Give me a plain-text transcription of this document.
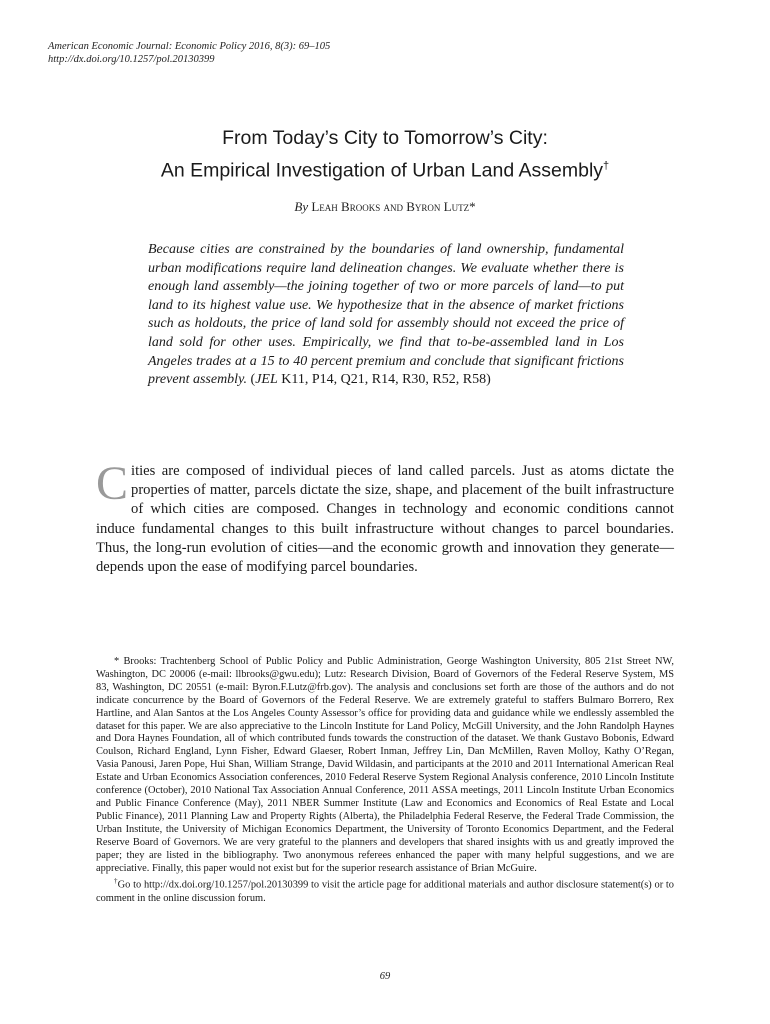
American Economic Journal: Economic Policy 2016, 8(3): 69–105
http://dx.doi.org/10.1257/pol.20130399
From Today’s City to Tomorrow’s City:
An Empirical Investigation of Urban Land Assembly†
By Leah Brooks and Byron Lutz*
Because cities are constrained by the boundaries of land ownership, fundamental urban modifications require land delineation changes. We evaluate whether there is enough land assembly—the joining together of two or more parcels of land—to put land to its highest value use. We hypothesize that in the absence of market frictions such as holdouts, the price of land sold for assembly should not exceed the price of land sold for other uses. Empirically, we find that to-be-assembled land in Los Angeles trades at a 15 to 40 percent premium and conclude that significant frictions prevent assembly. (JEL K11, P14, Q21, R14, R30, R52, R58)
C ities are composed of individual pieces of land called parcels. Just as atoms dictate the properties of matter, parcels dictate the size, shape, and placement of the built infrastructure of which cities are composed. Changes in technology and economic conditions cannot induce fundamental changes to this built infrastructure without changes to parcel boundaries. Thus, the long-run evolution of cities—and the economic growth and innovation they generate—depends upon the ease of modifying parcel boundaries.

* Brooks: Trachtenberg School of Public Policy and Public Administration, George Washington University, 805 21st Street NW, Washington, DC 20006 (e-mail: llbrooks@gwu.edu); Lutz: Research Division, Board of Governors of the Federal Reserve System, MS 83, Washington, DC 20551 (e-mail: Byron.F.Lutz@frb.gov). The analysis and conclusions set forth are those of the authors and do not indicate concurrence by the Board of Governors of the Federal Reserve. We are extremely grateful to staffers Bulmaro Borrero, Rex Hartline, and Alan Santos at the Los Angeles County Assessor’s office for providing data and guidance while we endlessly assembled the dataset for this paper. We are also appreciative to the Lincoln Institute for Land Policy, McGill University, and the John Randolph Haynes and Dora Haynes Foundation, all of which contributed funds towards the construction of the dataset. We thank Gustavo Bobonis, Edward Coulson, Richard England, Lynn Fisher, Edward Glaeser, Robert Inman, Jeffrey Lin, Dan McMillen, Raven Molloy, Kathy O’Regan, Vasia Panousi, Jaren Pope, Hui Shan, William Strange, David Wildasin, and participants at the 2010 and 2011 International American Real Estate and Urban Economics Association conferences, 2010 Federal Reserve System Regional Analysis conference, 2010 Lincoln Institute conference (October), 2010 National Tax Association Annual Conference, 2011 ASSA meetings, 2011 Lincoln Institute Urban Economics and Public Finance Conference (May), 2011 NBER Summer Institute (Law and Economics and Economics of Real Estate and Local Public Finance), 2011 Planning Law and Property Rights (Alberta), the Philadelphia Federal Reserve, the Federal Trade Commission, the Urban Institute, the University of Michigan Economics Department, the University of Toronto Economics Department, and the Federal Reserve Board of Governors. We are very grateful to the planners and developers that shared insights with us and greatly improved the paper; they are listed in the bibliography. Two anonymous referees enhanced the paper with many helpful suggestions, and we are appreciative. Finally, this paper would not exist but for the superior research assistance of Brian McGuire.

†Go to http://dx.doi.org/10.1257/pol.20130399 to visit the article page for additional materials and author disclosure statement(s) or to comment in the online discussion forum.

69
